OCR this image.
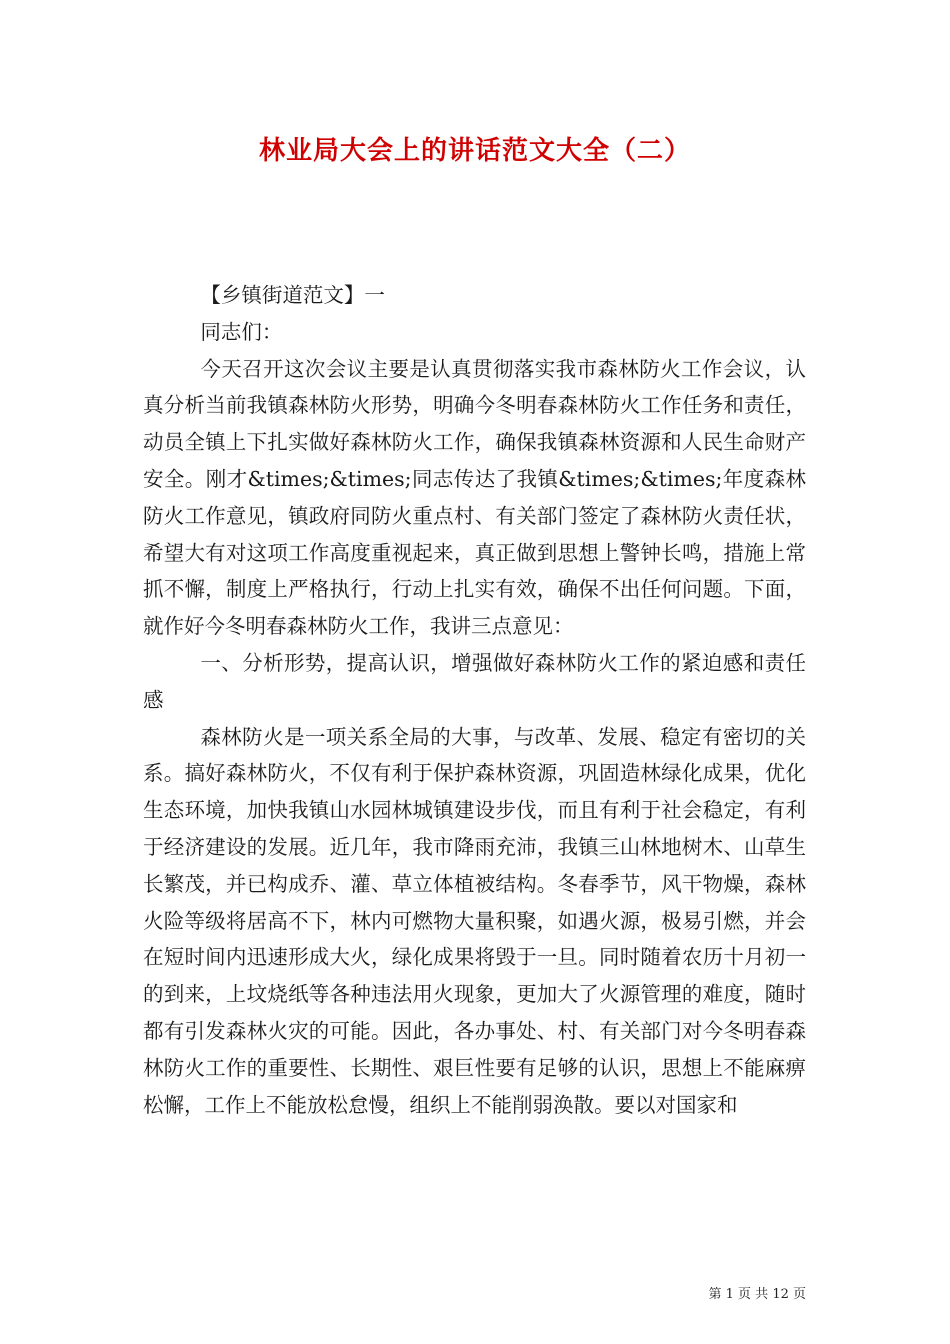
林业局大会上的讲话范文大全（二）

【乡镇街道范文】一

同志们：

今天召开这次会议主要是认真贯彻落实我市森林防火工作会议，认真分析当前我镇森林防火形势，明确今冬明春森林防火工作任务和责任，动员全镇上下扎实做好森林防火工作，确保我镇森林资源和人民生命财产安全。刚才&times;&times;同志传达了我镇&times;&times;年度森林防火工作意见，镇政府同防火重点村、有关部门签定了森林防火责任状，希望大有对这项工作高度重视起来，真正做到思想上警钟长鸣，措施上常抓不懈，制度上严格执行，行动上扎实有效，确保不出任何问题。下面，就作好今冬明春森林防火工作，我讲三点意见：

一、分析形势，提高认识，增强做好森林防火工作的紧迫感和责任感

森林防火是一项关系全局的大事，与改革、发展、稳定有密切的关系。搞好森林防火，不仅有利于保护森林资源，巩固造林绿化成果，优化生态环境，加快我镇山水园林城镇建设步伐，而且有利于社会稳定，有利于经济建设的发展。近几年，我市降雨充沛，我镇三山林地树木、山草生长繁茂，并已构成乔、灌、草立体植被结构。冬春季节，风干物燥，森林火险等级将居高不下，林内可燃物大量积聚，如遇火源，极易引燃，并会在短时间内迅速形成大火，绿化成果将毁于一旦。同时随着农历十月初一的到来，上坟烧纸等各种违法用火现象，更加大了火源管理的难度，随时都有引发森林火灾的可能。因此，各办事处、村、有关部门对今冬明春森林防火工作的重要性、长期性、艰巨性要有足够的认识，思想上不能麻痹松懈，工作上不能放松怠慢，组织上不能削弱涣散。要以对国家和

第 1 页 共 12 页
